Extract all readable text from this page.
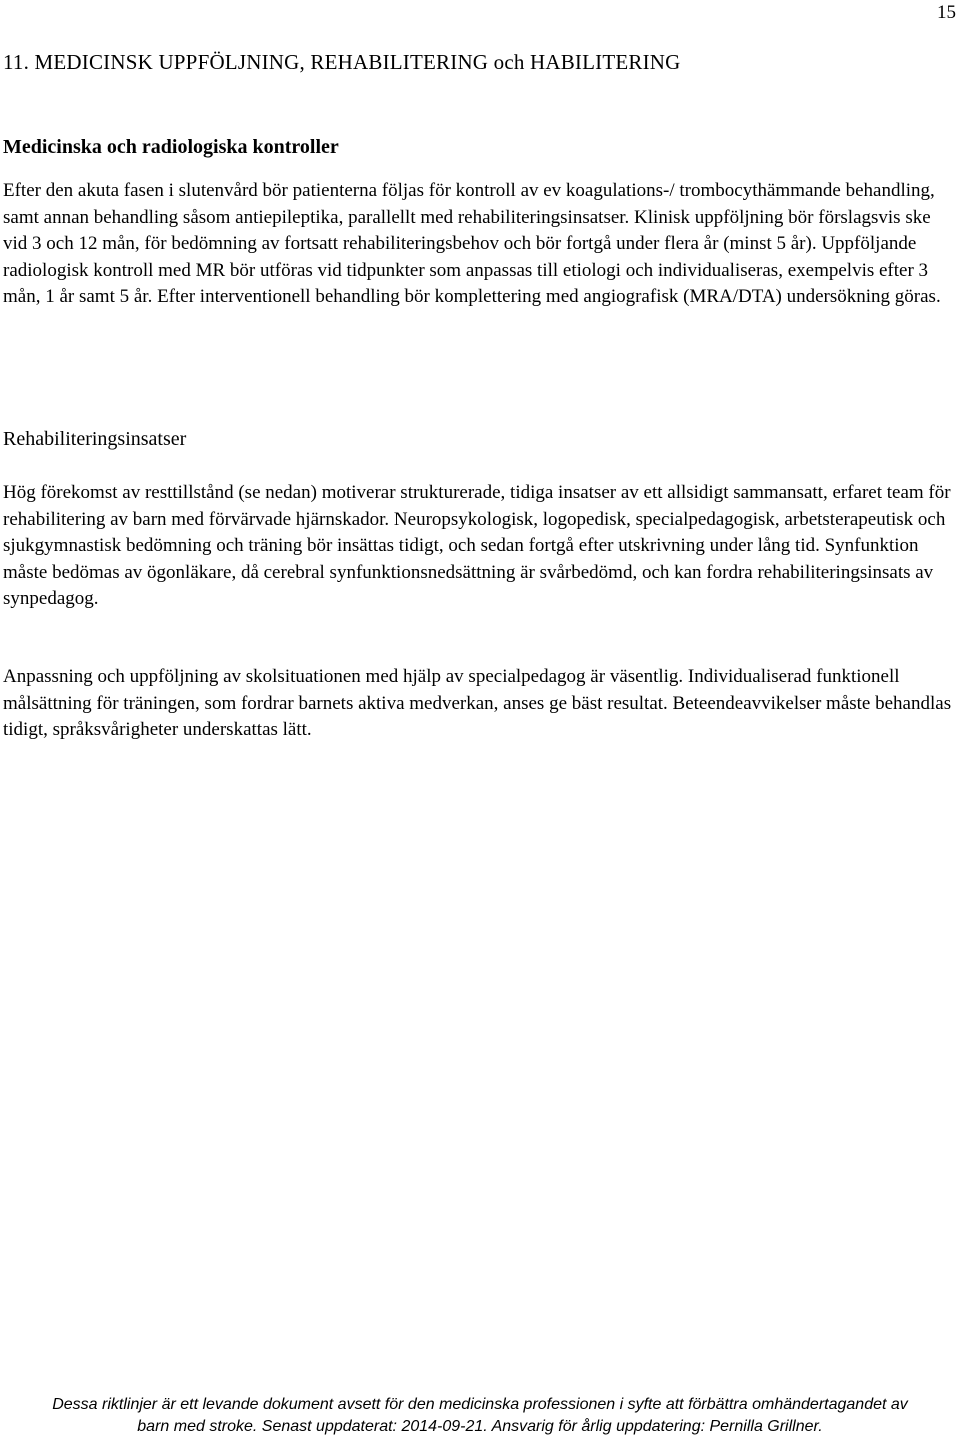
15
11. MEDICINSK UPPFÖLJNING, REHABILITERING och HABILITERING
Medicinska och radiologiska kontroller

Efter den akuta fasen i slutenvård bör patienterna följas för kontroll av ev koagulations-/ trombocythämmande behandling, samt annan behandling såsom antiepileptika, parallellt med rehabiliteringsinsatser. Klinisk uppföljning bör förslagsvis ske vid 3 och 12 mån, för bedömning av fortsatt rehabiliteringsbehov och bör fortgå under flera år (minst 5 år). Uppföljande radiologisk kontroll med MR bör utföras vid tidpunkter som anpassas till etiologi och individualiseras, exempelvis efter 3 mån, 1 år samt 5 år. Efter interventionell behandling bör komplettering med angiografisk (MRA/DTA) undersökning göras.

Rehabiliteringsinsatser

Hög förekomst av resttillstånd (se nedan) motiverar strukturerade, tidiga insatser av ett allsidigt sammansatt, erfaret team för rehabilitering av barn med förvärvade hjärnskador. Neuropsykologisk, logopedisk, specialpedagogisk, arbetsterapeutisk och sjukgymnastisk bedömning och träning bör insättas tidigt, och sedan fortgå efter utskrivning under lång tid. Synfunktion måste bedömas av ögonläkare, då cerebral synfunktionsnedsättning är svårbedömd, och kan fordra rehabiliteringsinsats av synpedagog.

Anpassning och uppföljning av skolsituationen med hjälp av specialpedagog är väsentlig. Individualiserad funktionell målsättning för träningen, som fordrar barnets aktiva medverkan, anses ge bäst resultat. Beteendeavvikelser måste behandlas tidigt, språksvårigheter underskattas lätt.

Dessa riktlinjer är ett levande dokument avsett för den medicinska professionen i syfte att förbättra omhändertagandet av
barn med stroke. Senast uppdaterat: 2014-09-21. Ansvarig för årlig uppdatering: Pernilla Grillner.
